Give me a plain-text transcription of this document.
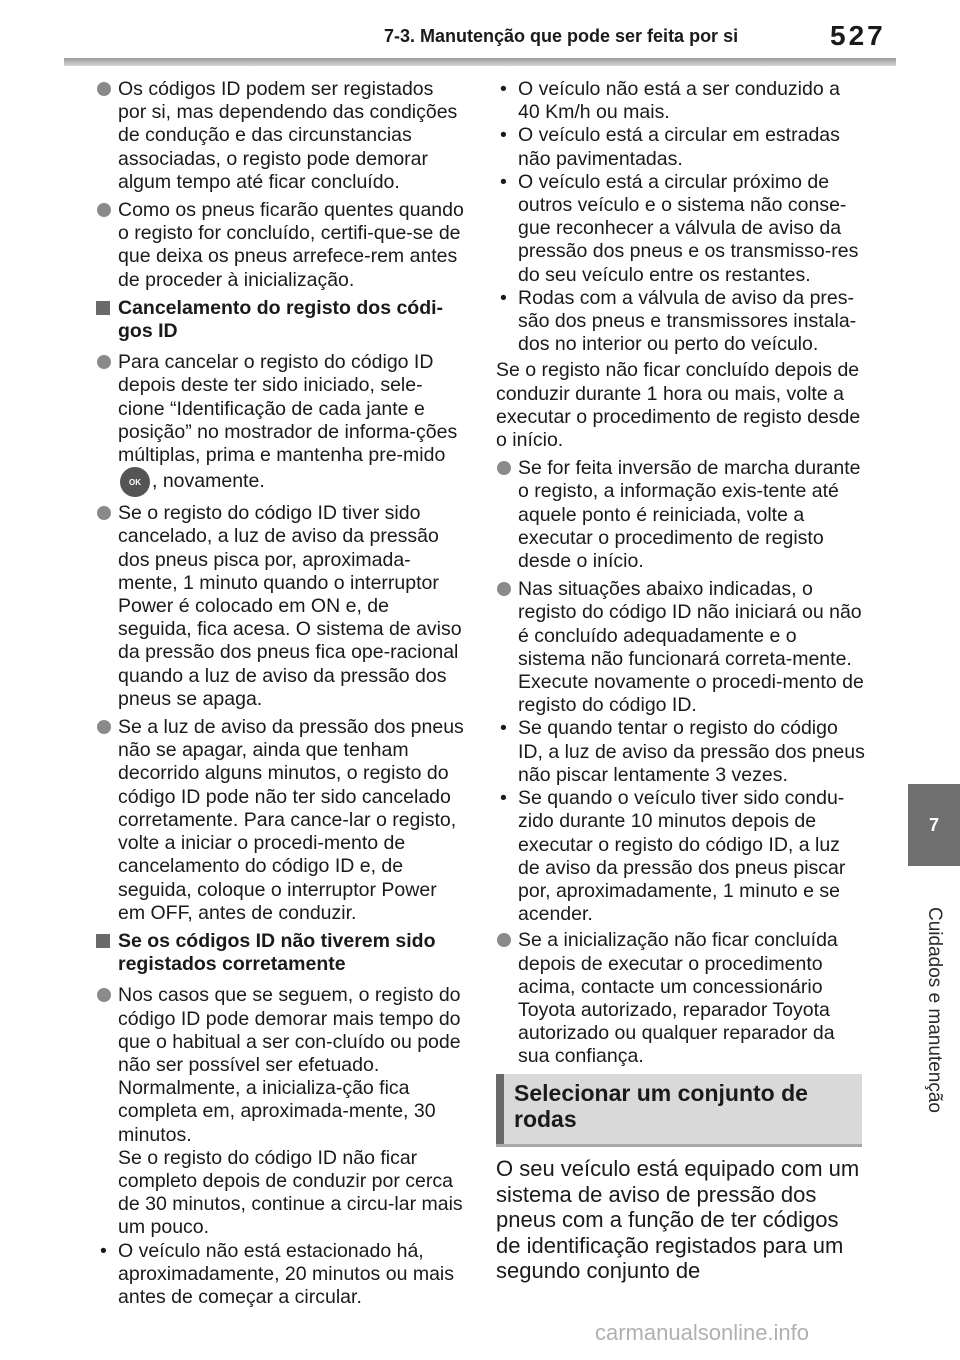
7-3. Manutenção que pode ser feita por si	527
7
Cuidados e manutenção
Os códigos ID podem ser registados por si, mas dependendo das condições de condução e das circunstancias associadas, o registo pode demorar algum tempo até ficar concluído.
Como os pneus ficarão quentes quando o registo for concluído, certifi-que-se de que deixa os pneus arrefece-rem antes de proceder à inicialização.
Cancelamento do registo dos códi-gos ID
Para cancelar o registo do código ID depois deste ter sido iniciado, sele-cione “Identificação de cada jante e posição” no mostrador de informa-ções múltiplas, prima e mantenha pre-mido OK , novamente.
Se o registo do código ID tiver sido cancelado, a luz de aviso da pressão dos pneus pisca por, aproximada-mente, 1 minuto quando o interruptor Power é colocado em ON e, de seguida, fica acesa. O sistema de aviso da pressão dos pneus fica ope-racional quando a luz de aviso da pressão dos pneus se apaga.
Se a luz de aviso da pressão dos pneus não se apagar, ainda que tenham decorrido alguns minutos, o registo do código ID pode não ter sido cancelado corretamente. Para cance-lar o registo, volte a iniciar o procedi-mento de cancelamento do código ID e, de seguida, coloque o interruptor Power em OFF, antes de conduzir.
Se os códigos ID não tiverem sido registados corretamente
Nos casos que se seguem, o registo do código ID pode demorar mais tempo do que o habitual a ser con-cluído ou pode não ser possível ser efetuado. Normalmente, a inicializa-ção fica completa em, aproximada-mente, 30 minutos.
Se o registo do código ID não ficar completo depois de conduzir por cerca de 30 minutos, continue a circu-lar mais um pouco.
• O veículo não está estacionado há, aproximadamente, 20 minutos ou mais antes de começar a circular.
• O veículo não está a ser conduzido a 40 Km/h ou mais.
• O veículo está a circular em estradas não pavimentadas.
• O veículo está a circular próximo de outros veículo e o sistema não conse-gue reconhecer a válvula de aviso da pressão dos pneus e os transmisso-res do seu veículo entre os restantes.
• Rodas com a válvula de aviso da pres-são dos pneus e transmissores instala-dos no interior ou perto do veículo.
Se o registo não ficar concluído depois de conduzir durante 1 hora ou mais, volte a executar o procedimento de registo desde o início.
Se for feita inversão de marcha durante o registo, a informação exis-tente até aquele ponto é reiniciada, volte a executar o procedimento de registo desde o início.
Nas situações abaixo indicadas, o registo do código ID não iniciará ou não é concluído adequadamente e o sistema não funcionará correta-mente. Execute novamente o procedi-mento de registo do código ID.
• Se quando tentar o registo do código ID, a luz de aviso da pressão dos pneus não piscar lentamente 3 vezes.
• Se quando o veículo tiver sido condu-zido durante 10 minutos depois de executar o registo do código ID, a luz de aviso da pressão dos pneus piscar por, aproximadamente, 1 minuto e se acender.
Se a inicialização não ficar concluída depois de executar o procedimento acima, contacte um concessionário Toyota autorizado, reparador Toyota autorizado ou qualquer reparador da sua confiança.
Selecionar um conjunto de rodas
O seu veículo está equipado com um sistema de aviso de pressão dos pneus com a função de ter códigos de identificação registados para um segundo conjunto de
carmanualsonline.info
